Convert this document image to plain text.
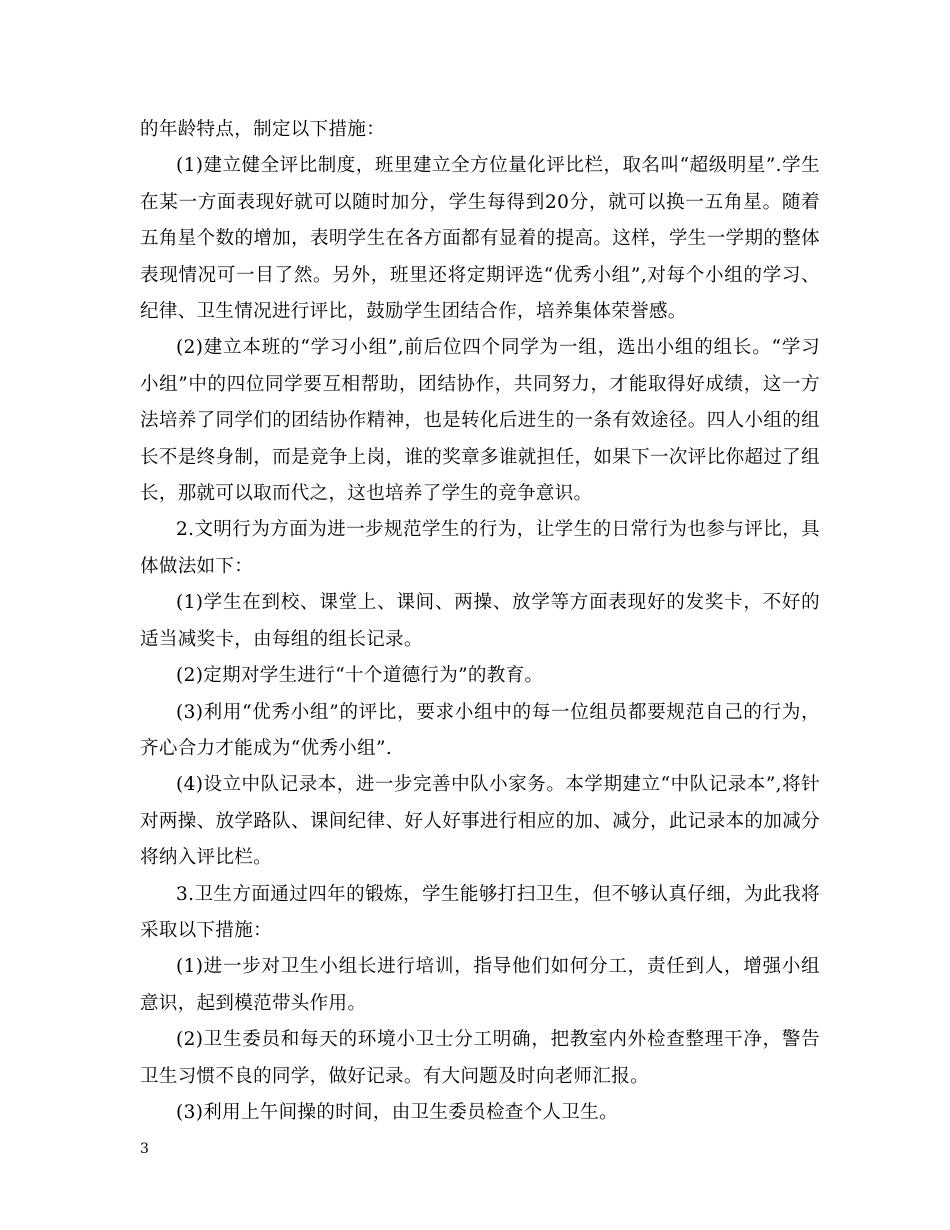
的年龄特点，制定以下措施：

(1)建立健全评比制度，班里建立全方位量化评比栏，取名叫“超级明星”.学生在某一方面表现好就可以随时加分，学生每得到20分，就可以换一五角星。随着五角星个数的增加，表明学生在各方面都有显着的提高。这样，学生一学期的整体表现情况可一目了然。另外，班里还将定期评选“优秀小组”,对每个小组的学习、纪律、卫生情况进行评比，鼓励学生团结合作，培养集体荣誉感。

(2)建立本班的“学习小组”,前后位四个同学为一组，选出小组的组长。“学习小组”中的四位同学要互相帮助，团结协作，共同努力，才能取得好成绩，这一方法培养了同学们的团结协作精神，也是转化后进生的一条有效途径。四人小组的组长不是终身制，而是竞争上岗，谁的奖章多谁就担任，如果下一次评比你超过了组长，那就可以取而代之，这也培养了学生的竞争意识。

2.文明行为方面为进一步规范学生的行为，让学生的日常行为也参与评比，具体做法如下：

(1)学生在到校、课堂上、课间、两操、放学等方面表现好的发奖卡，不好的适当减奖卡，由每组的组长记录。

(2)定期对学生进行“十个道德行为”的教育。

(3)利用“优秀小组”的评比，要求小组中的每一位组员都要规范自己的行为，齐心合力才能成为“优秀小组”.

(4)设立中队记录本，进一步完善中队小家务。本学期建立“中队记录本”,将针对两操、放学路队、课间纪律、好人好事进行相应的加、减分，此记录本的加减分将纳入评比栏。

3.卫生方面通过四年的锻炼，学生能够打扫卫生，但不够认真仔细，为此我将采取以下措施：

(1)进一步对卫生小组长进行培训，指导他们如何分工，责任到人，增强小组意识，起到模范带头作用。

(2)卫生委员和每天的环境小卫士分工明确，把教室内外检查整理干净，警告卫生习惯不良的同学，做好记录。有大问题及时向老师汇报。

(3)利用上午间操的时间，由卫生委员检查个人卫生。

3
